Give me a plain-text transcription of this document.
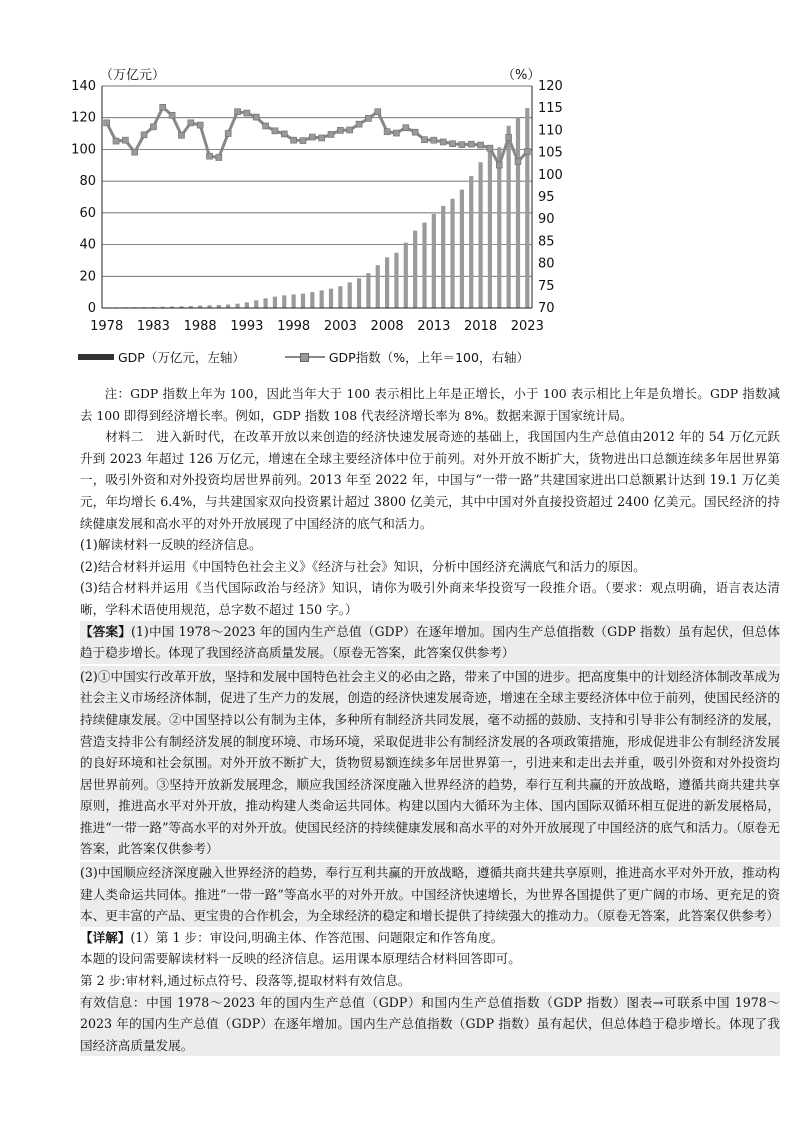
（万亿元）	（%）
0
20
40
60
80
100
120
140
70
75
80
85
90
95
100
105
110
115
120
1978 1983 1988 1993 1998 2003 2008 2013 2018 2023
GDP（万亿元，左轴）	GDP指数（%，上年＝100，右轴）

注：GDP 指数上年为 100，因此当年大于 100 表示相比上年是正增长，小于 100 表示相比上年是负增长。GDP 指数减去 100 即得到经济增长率。例如，GDP 指数 108 代表经济增长率为 8%。数据来源于国家统计局。

材料二　 进入新时代，在改革开放以来创造的经济快速发展奇迹的基础上，我国国内生产总值由2012 年的 54 万亿元跃升到 2023 年超过 126 万亿元，增速在全球主要经济体中位于前列。对外开放不断扩大，货物进出口总额连续多年居世界第一，吸引外资和对外投资均居世界前列。2013 年至 2022 年，中国与“一带一路”共建国家进出口总额累计达到 19.1 万亿美元，年均增长 6.4%，与共建国家双向投资累计超过 3800 亿美元，其中中国对外直接投资超过 2400 亿美元。国民经济的持续健康发展和高水平的对外开放展现了中国经济的底气和活力。

(1)解读材料一反映的经济信息。

(2)结合材料并运用《中国特色社会主义》《经济与社会》知识，分析中国经济充满底气和活力的原因。

(3)结合材料并运用《当代国际政治与经济》知识，请你为吸引外商来华投资写一段推介语。（要求：观点明确，语言表达清晰，学科术语使用规范，总字数不超过 150 字。）

【答案】(1)中国 1978～2023 年的国内生产总值（GDP）在逐年增加。国内生产总值指数（GDP 指数）虽有起伏，但总体趋于稳步增长。体现了我国经济高质量发展。（原卷无答案，此答案仅供参考）

(2)①中国实行改革开放，坚持和发展中国特色社会主义的必由之路，带来了中国的进步。把高度集中的计划经济体制改革成为社会主义市场经济体制，促进了生产力的发展，创造的经济快速发展奇迹，增速在全球主要经济体中位于前列，使国民经济的持续健康发展。②中国坚持以公有制为主体，多种所有制经济共同发展，毫不动摇的鼓励、支持和引导非公有制经济的发展，营造支持非公有制经济发展的制度环境、市场环境，采取促进非公有制经济发展的各项政策措施，形成促进非公有制经济发展的良好环境和社会氛围。对外开放不断扩大，货物贸易额连续多年居世界第一，引进来和走出去并重，吸引外资和对外投资均居世界前列。③坚持开放新发展理念，顺应我国经济深度融入世界经济的趋势，奉行互利共赢的开放战略，遵循共商共建共享原则，推进高水平对外开放，推动构建人类命运共同体。构建以国内大循环为主体、国内国际双循环相互促进的新发展格局，推进“一带一路”等高水平的对外开放。使国民经济的持续健康发展和高水平的对外开放展现了中国经济的底气和活力。（原卷无答案，此答案仅供参考）

(3)中国顺应经济深度融入世界经济的趋势，奉行互利共赢的开放战略，遵循共商共建共享原则，推进高水平对外开放，推动构建人类命运共同体。推进“一带一路”等高水平的对外开放。中国经济快速增长，为世界各国提供了更广阔的市场、更充足的资本、更丰富的产品、更宝贵的合作机会，为全球经济的稳定和增长提供了持续强大的推动力。（原卷无答案，此答案仅供参考）

【详解】(1）第 1 步：审设问,明确主体、作答范围、问题限定和作答角度。

本题的设问需要解读材料一反映的经济信息。运用课本原理结合材料回答即可。

第 2 步:审材料,通过标点符号、段落等,提取材料有效信息。

有效信息：中国 1978～2023 年的国内生产总值（GDP）和国内生产总值指数（GDP 指数）图表→可联系中国 1978～2023 年的国内生产总值（GDP）在逐年增加。国内生产总值指数（GDP 指数）虽有起伏，但总体趋于稳步增长。体现了我国经济高质量发展。
